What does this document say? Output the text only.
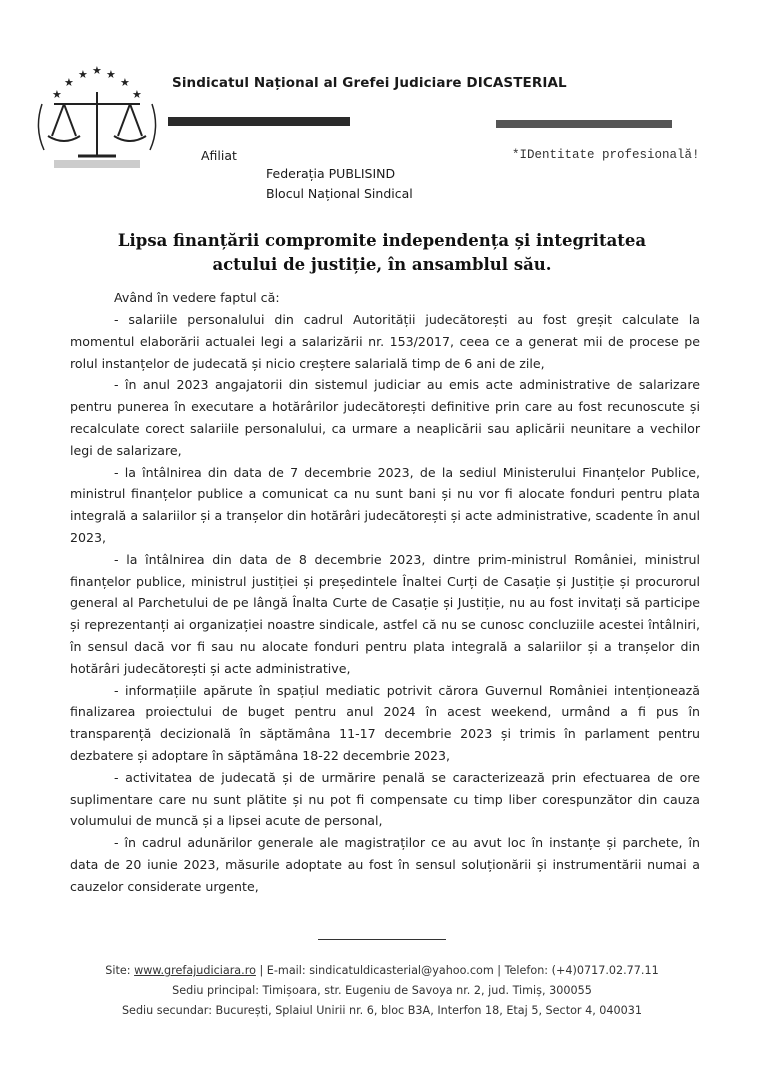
★
★ ★ ★
★
★	★
Sindicatul Național al Grefei Judiciare DICASTERIAL
Afiliat	*IDentitate profesională!
Federația PUBLISIND
Blocul Național Sindical
Lipsa finanțării compromite independența și integritatea
actului de justiție, în ansamblul său.
Având în vedere faptul că:

- salariile personalului din cadrul Autorității judecătorești au fost greșit calculate la momentul elaborării actualei legi a salarizării nr. 153/2017, ceea ce a generat mii de procese pe rolul instanțelor de judecată și nicio creștere salarială timp de 6 ani de zile,

- în anul 2023 angajatorii din sistemul judiciar au emis acte administrative de salarizare pentru punerea în executare a hotărârilor judecătorești definitive prin care au fost recunoscute și recalculate corect salariile personalului, ca urmare a neaplicării sau aplicării neunitare a vechilor legi de salarizare,

- la întâlnirea din data de 7 decembrie 2023, de la sediul Ministerului Finanțelor Publice, ministrul finanțelor publice a comunicat ca nu sunt bani și nu vor fi alocate fonduri pentru plata integrală a salariilor și a tranșelor din hotărâri judecătorești și acte administrative, scadente în anul 2023,

- la întâlnirea din data de 8 decembrie 2023, dintre prim-ministrul României, ministrul finanțelor publice, ministrul justiției și președintele Înaltei Curți de Casație și Justiție și procurorul general al Parchetului de pe lângă Înalta Curte de Casație și Justiție, nu au fost invitați să participe și reprezentanți ai organizației noastre sindicale, astfel că nu se cunosc concluziile acestei întâlniri, în sensul dacă vor fi sau nu alocate fonduri pentru plata integrală a salariilor și a tranșelor din hotărâri judecătorești și acte administrative,

- informațiile apărute în spațiul mediatic potrivit cărora Guvernul României intenționează finalizarea proiectului de buget pentru anul 2024 în acest weekend, urmând a fi pus în transparență decizională în săptămâna 11-17 decembrie 2023 și trimis în parlament pentru dezbatere și adoptare în săptămâna 18-22 decembrie 2023,

- activitatea de judecată și de urmărire penală se caracterizează prin efectuarea de ore suplimentare care nu sunt plătite și nu pot fi compensate cu timp liber corespunzător din cauza volumului de muncă și a lipsei acute de personal,

- în cadrul adunărilor generale ale magistraților ce au avut loc în instanțe și parchete, în data de 20 iunie 2023, măsurile adoptate au fost în sensul soluționării și instrumentării numai a cauzelor considerate urgente,

Site: www.grefajudiciara.ro | E-mail: sindicatuldicasterial@yahoo.com | Telefon: (+4)0717.02.77.11
Sediu principal: Timișoara, str. Eugeniu de Savoya nr. 2, jud. Timiș, 300055
Sediu secundar: București, Splaiul Unirii nr. 6, bloc B3A, Interfon 18, Etaj 5, Sector 4, 040031
